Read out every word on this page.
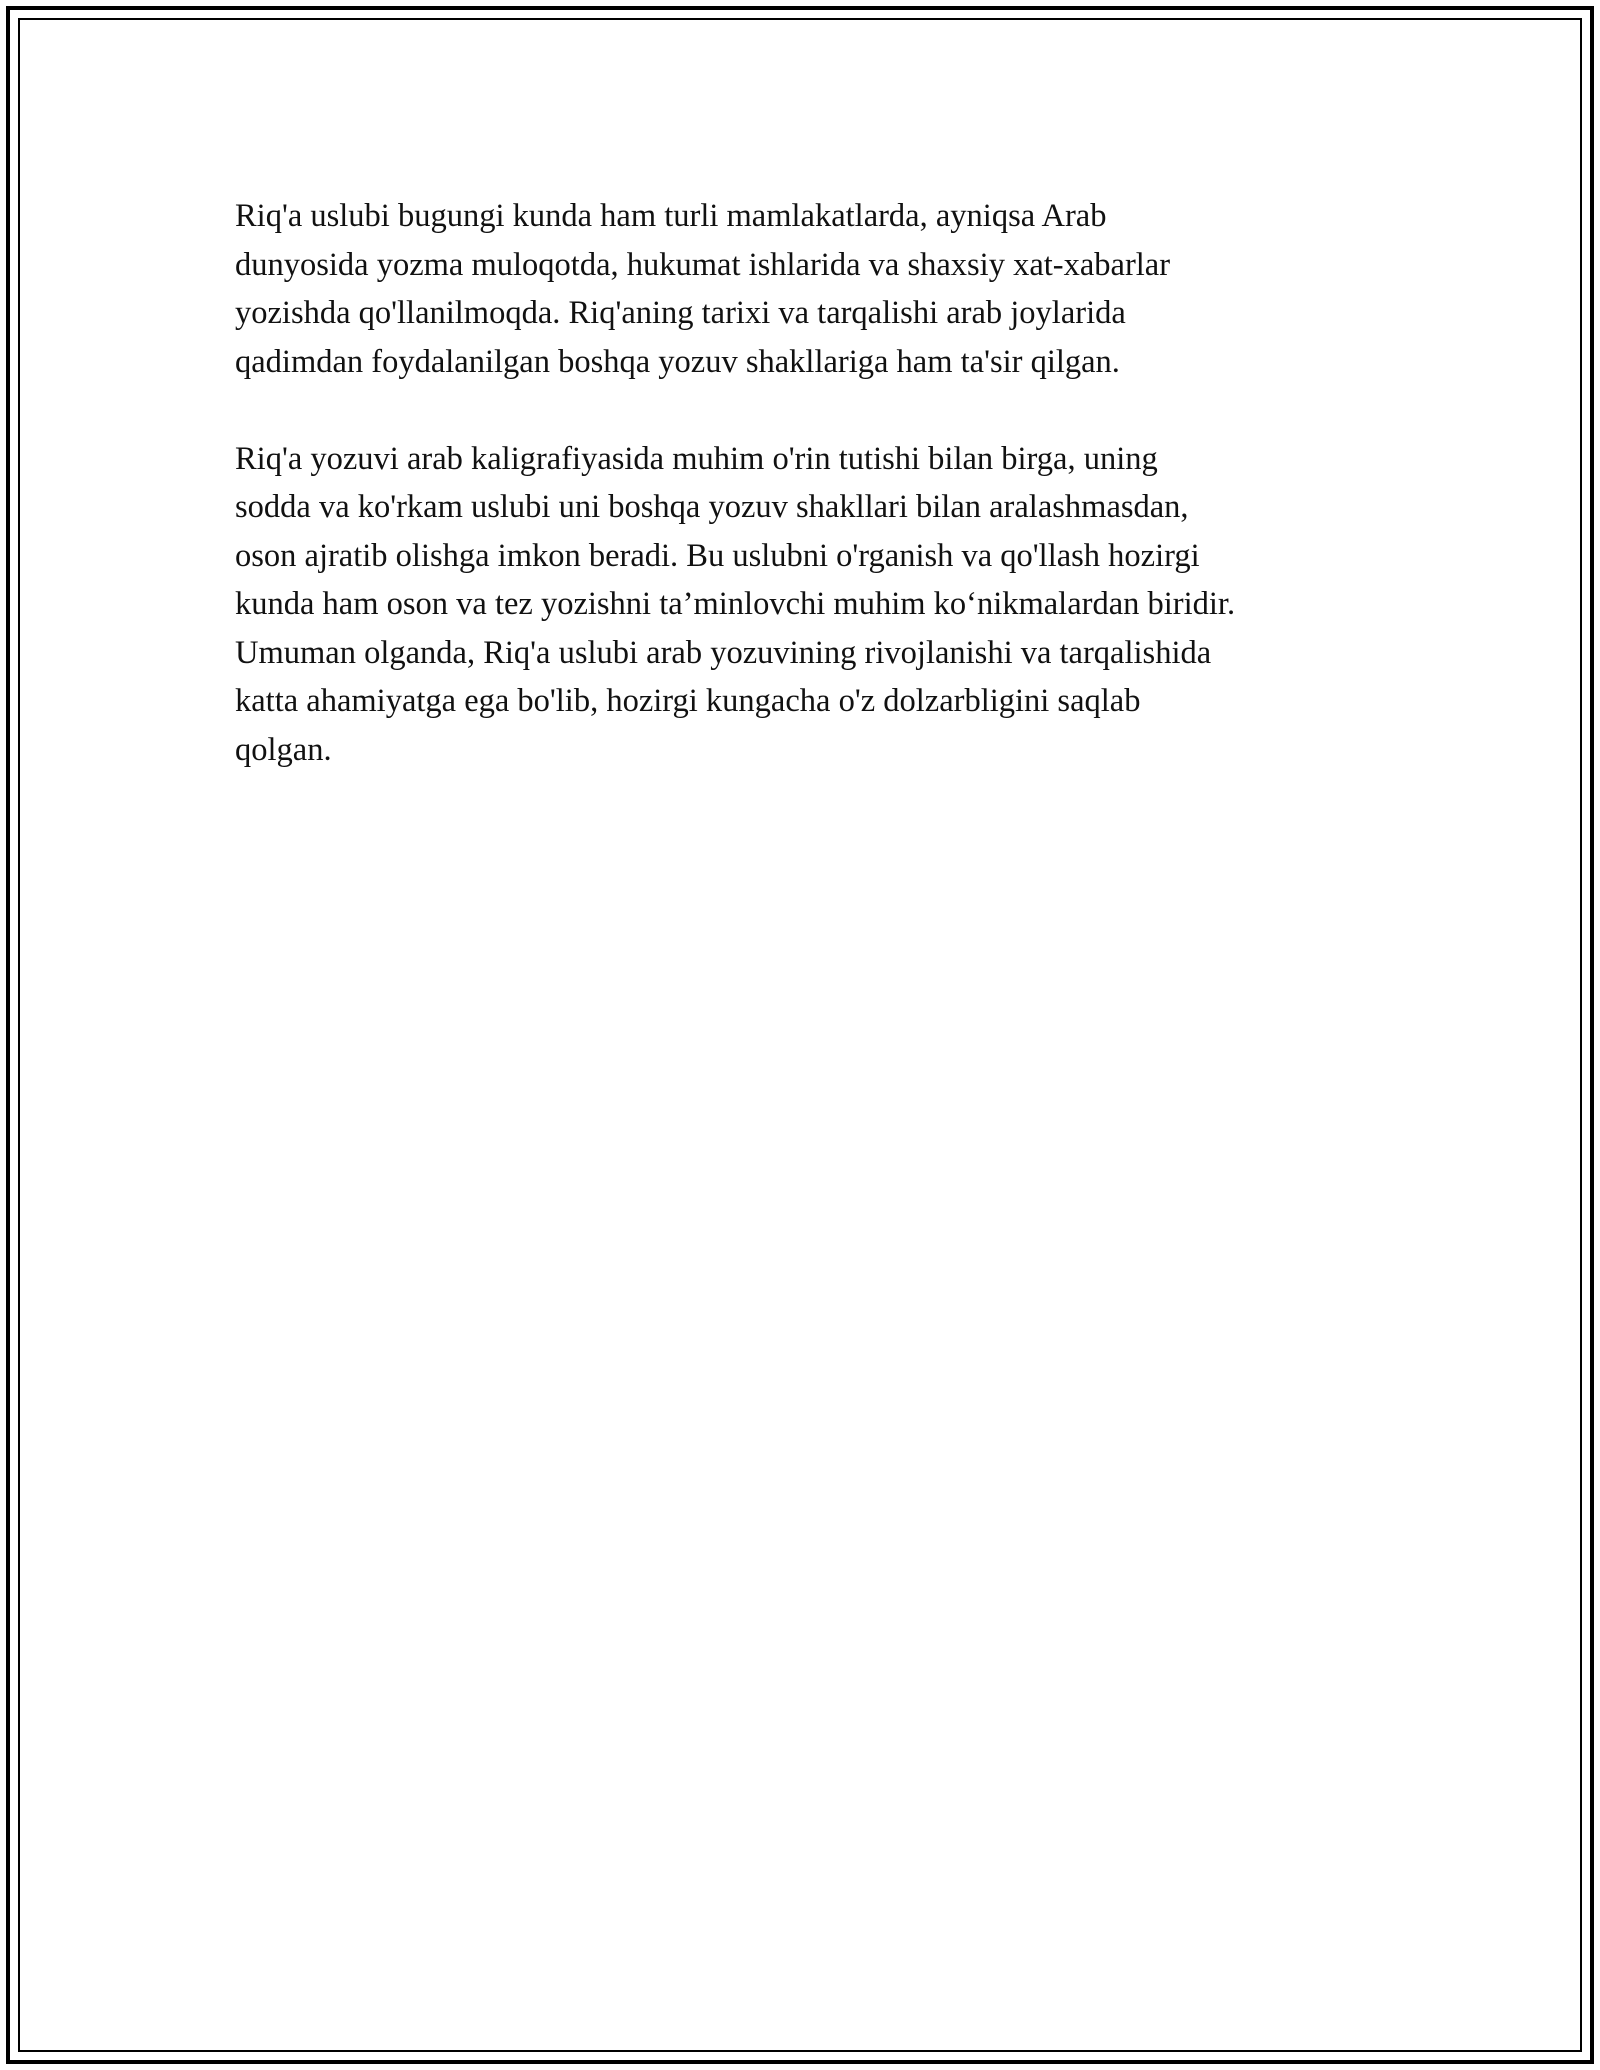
Riq'a uslubi bugungi kunda ham turli mamlakatlarda, ayniqsa Arab
dunyosida yozma muloqotda, hukumat ishlarida va shaxsiy xat-xabarlar
yozishda qo'llanilmoqda. Riq'aning tarixi va tarqalishi arab joylarida
qadimdan foydalanilgan boshqa yozuv shakllariga ham ta'sir qilgan.

Riq'a yozuvi arab kaligrafiyasida muhim o'rin tutishi bilan birga, uning
sodda va ko'rkam uslubi uni boshqa yozuv shakllari bilan aralashmasdan,
oson ajratib olishga imkon beradi. Bu uslubni o'rganish va qo'llash hozirgi
kunda ham oson va tez yozishni ta’minlovchi muhim ko‘nikmalardan biridir.
Umuman olganda, Riq'a uslubi arab yozuvining rivojlanishi va tarqalishida
katta ahamiyatga ega bo'lib, hozirgi kungacha o'z dolzarbligini saqlab
qolgan.
